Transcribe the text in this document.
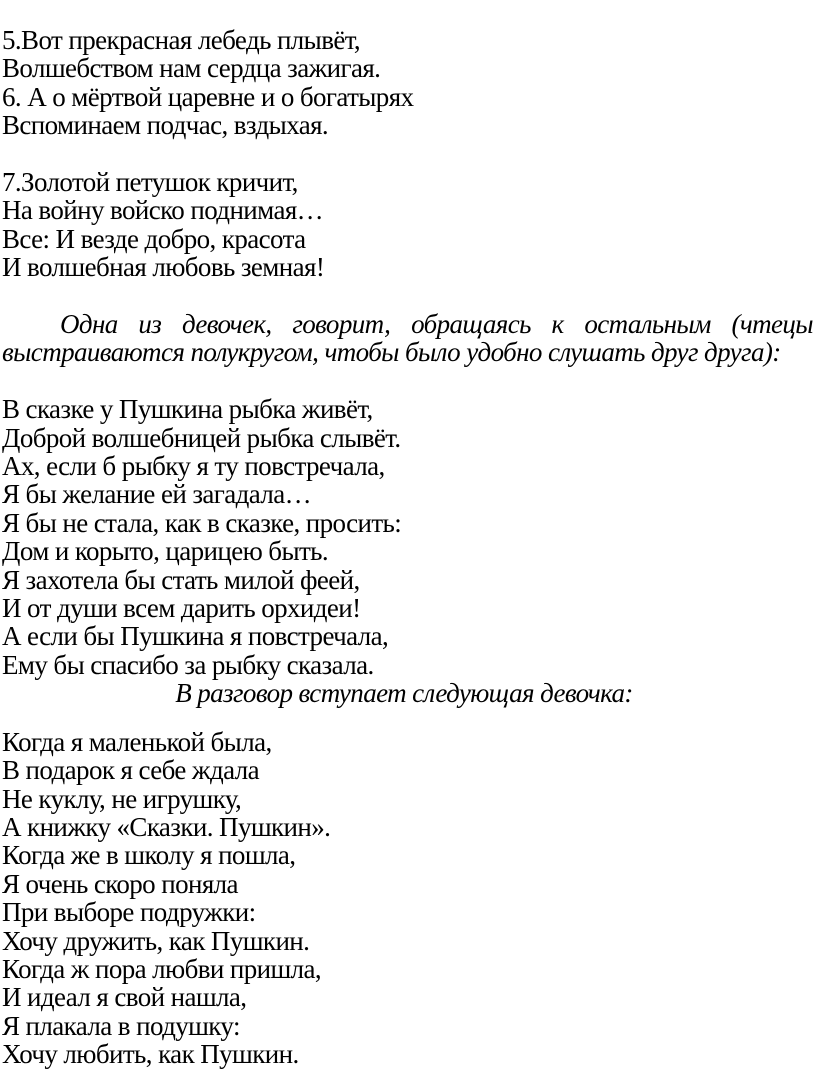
5.Вот прекрасная лебедь плывёт,
Волшебством нам сердца зажигая.
6. А о мёртвой царевне и о богатырях
Вспоминаем подчас, вздыхая.
7.Золотой петушок кричит,
На войну войско поднимая…
Все: И везде добро, красота
И волшебная любовь земная!
Одна из девочек, говорит, обращаясь к остальным (чтецы
выстраиваются полукругом, чтобы было удобно слушать друг друга):
В сказке у Пушкина рыбка живёт,
Доброй волшебницей рыбка слывёт.
Ах, если б рыбку я ту повстречала,
Я бы желание ей загадала…
Я бы не стала, как в сказке, просить:
Дом и корыто, царицею быть.
Я захотела бы стать милой феей,
И от души всем дарить орхидеи!
А если бы Пушкина я повстречала,
Ему бы спасибо за рыбку сказала.
В разговор вступает следующая девочка:
Когда я маленькой была,
В подарок я себе ждала
Не куклу, не игрушку,
А книжку «Сказки. Пушкин».
Когда же в школу я пошла,
Я очень скоро поняла
При выборе подружки:
Хочу дружить, как Пушкин.
Когда ж пора любви пришла,
И идеал я свой нашла,
Я плакала в подушку:
Хочу любить, как Пушкин.
